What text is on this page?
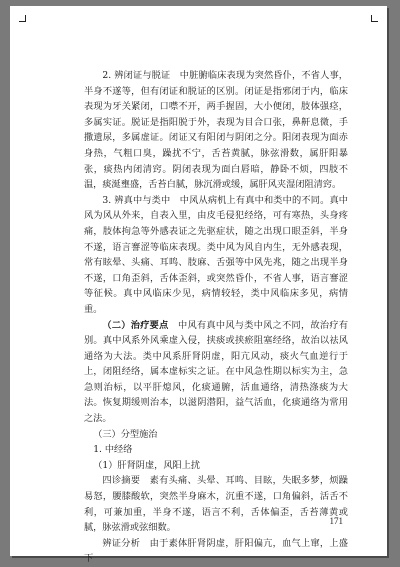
2. 辨闭证与脱证　中脏腑临床表现为突然昏仆，不省人事，半身不遂等，但有闭证和脱证的区别。闭证是指邪闭于内，临床表现为牙关紧闭，口噤不开，两手握固，大小便闭，肢体强痉，多属实证。脱证是指阳脱于外，表现为目合口张，鼻鼾息微，手撒遗尿，多属虚证。闭证又有阳闭与阴闭之分。阳闭表现为面赤身热，气粗口臭，躁扰不宁，舌苔黄腻，脉弦滑数，属肝阳暴张，痰热内闭清窍。阴闭表现为面白唇暗，静卧不烦，四肢不温，痰涎壅盛，舌苔白腻，脉沉滑或缓，属肝风夹湿闭阻清窍。

3. 辨真中与类中　中风从病机上有真中和类中的不同。真中风为风从外来，自表入里，由皮毛侵犯经络，可有寒热，头身疼痛，肢体拘急等外感表证之先驱症状，随之出现口眼歪斜，半身不遂，语言謇涩等临床表现。类中风为风自内生，无外感表现，常有眩晕、头痛、耳鸣、肢麻、舌强等中风先兆，随之出现半身不遂，口角歪斜，舌体歪斜，或突然昏仆，不省人事，语言謇涩等征候。真中风临床少见，病情较轻，类中风临床多见，病情重。

（二）治疗要点　中风有真中风与类中风之不同，故治疗有别。真中风系外风乘虚入侵，挟痰或挟瘀阻塞经络，故治以祛风通络为大法。类中风系肝肾阴虚，阳亢风动，痰火气血逆行于上，闭阻经络，属本虚标实之证。在中风急性期以标实为主，急急则治标，以平肝熄风，化痰通腑，活血通络，清热涤痰为大法。恢复期缓则治本，以滋阴潜阳，益气活血，化痰通络为常用之法。

（三）分型施治

1. 中经络

（1）肝肾阴虚，风阳上扰

四诊摘要　素有头痛、头晕、耳鸣、目眩，失眠多梦，烦躁易怒，腰膝酸软，突然半身麻木，沉重不遂，口角偏斜，活舌不利，可兼加重，半身不遂，语言不利，舌体偏歪，舌苔薄黄或腻，脉弦滑或弦细数。

辨证分析　由于素体肝肾阴虚，肝阳偏亢，血气上窜，上盛下

171
